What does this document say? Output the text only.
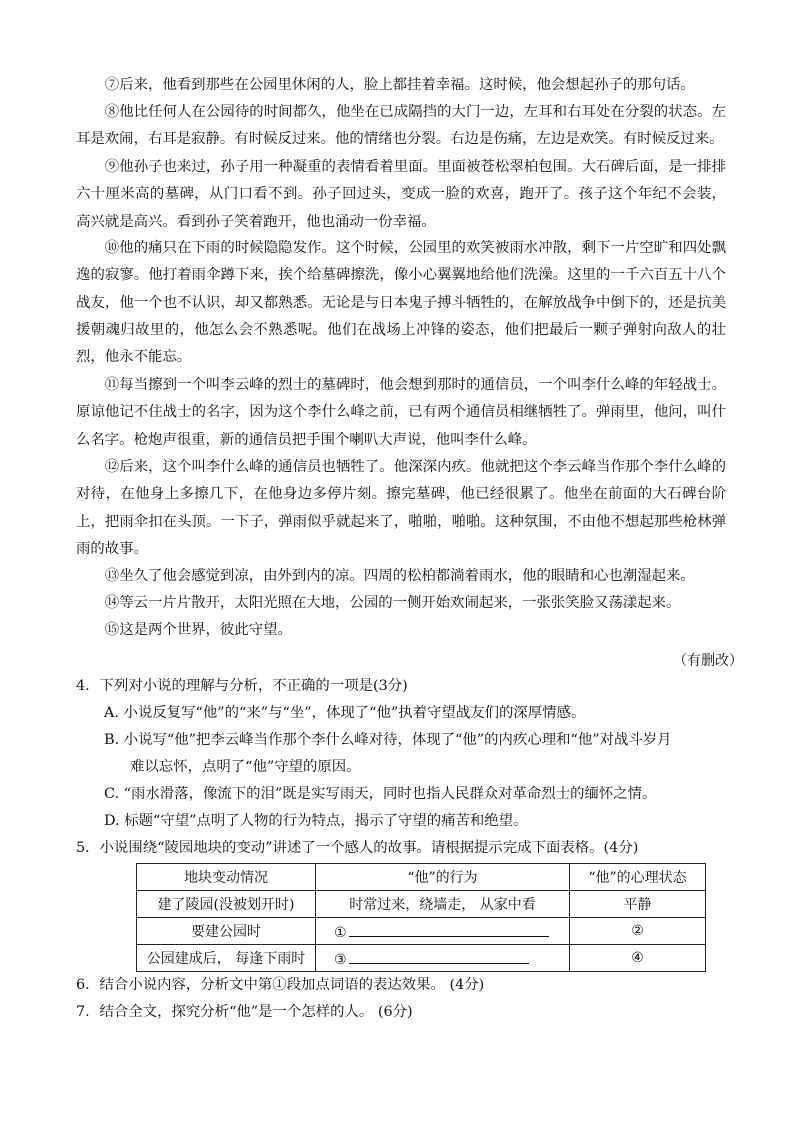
⑦后来，他看到那些在公园里休闲的人，脸上都挂着幸福。这时候，他会想起孙子的那句话。

⑧他比任何人在公园待的时间都久，他坐在已成隔挡的大门一边，左耳和右耳处在分裂的状态。左耳是欢闹，右耳是寂静。有时候反过来。他的情绪也分裂。右边是伤痛，左边是欢笑。有时候反过来。

⑨他孙子也来过，孙子用一种凝重的表情看着里面。里面被苍松翠柏包围。大石碑后面，是一排排六十厘米高的墓碑，从门口看不到。孙子回过头，变成一脸的欢喜，跑开了。孩子这个年纪不会装， 高兴就是高兴。看到孙子笑着跑开，他也涌动一份幸福。

⑩他的痛只在下雨的时候隐隐发作。这个时候，公园里的欢笑被雨水冲散，剩下一片空旷和四处飘逸的寂寥。他打着雨伞蹲下来，挨个给墓碑擦洗，像小心翼翼地给他们洗澡。这里的一千六百五十八个战友，他一个也不认识，却又都熟悉。无论是与日本鬼子搏斗牺牲的，在解放战争中倒下的，还是抗美援朝魂归故里的，他怎么会不熟悉呢。他们在战场上冲锋的姿态，他们把最后一颗子弹射向敌人的壮烈，他永不能忘。

⑪每当擦到一个叫李云峰的烈士的墓碑时，他会想到那时的通信员，一个叫李什么峰的年轻战士。原谅他记不住战士的名字，因为这个李什么峰之前，已有两个通信员相继牺牲了。弹雨里，他问，叫什么名字。枪炮声很重，新的通信员把手围个喇叭大声说，他叫李什么峰。

⑫后来，这个叫李什么峰的通信员也牺牲了。他深深内疚。他就把这个李云峰当作那个李什么峰的对待，在他身上多擦几下，在他身边多停片刻。擦完墓碑，他已经很累了。他坐在前面的大石碑台阶上，把雨伞扣在头顶。一下子，弹雨似乎就起来了，啪啪，啪啪。这种氛围，不由他不想起那些枪林弹雨的故事。

⑬坐久了他会感觉到凉，由外到内的凉。四周的松柏都淌着雨水，他的眼睛和心也潮湿起来。

⑭等云一片片散开，太阳光照在大地，公园的一侧开始欢闹起来，一张张笑脸又荡漾起来。

⑮这是两个世界，彼此守望。

（有删改）

4．下列对小说的理解与分析，不正确的一项是(3分)

A. 小说反复写“他”的“来”与“坐”，体现了“他”执着守望战友们的深厚情感。

B. 小说写“他”把李云峰当作那个李什么峰对待，体现了“他”的内疚心理和“他”对战斗岁月
难以忘怀，点明了“他”守望的原因。

C. “雨水滑落，像流下的泪”既是实写雨天，同时也指人民群众对革命烈士的缅怀之情。

D. 标题“守望”点明了人物的行为特点，揭示了守望的痛苦和绝望。

5．小说围绕“陵园地块的变动”讲述了一个感人的故事。请根据提示完成下面表格。(4分)

地块变动情况	“他”的行为	“他”的心理状态
建了陵园(没被划开时)	时常过来，绕墙走， 从家中看	平静
要建公园时	①	②
公园建成后， 每逢下雨时	③	④

6．结合小说内容，分析文中第①段加点词语的表达效果。 (4分)

7．结合全文，探究分析“他”是一个怎样的人。 (6分)
